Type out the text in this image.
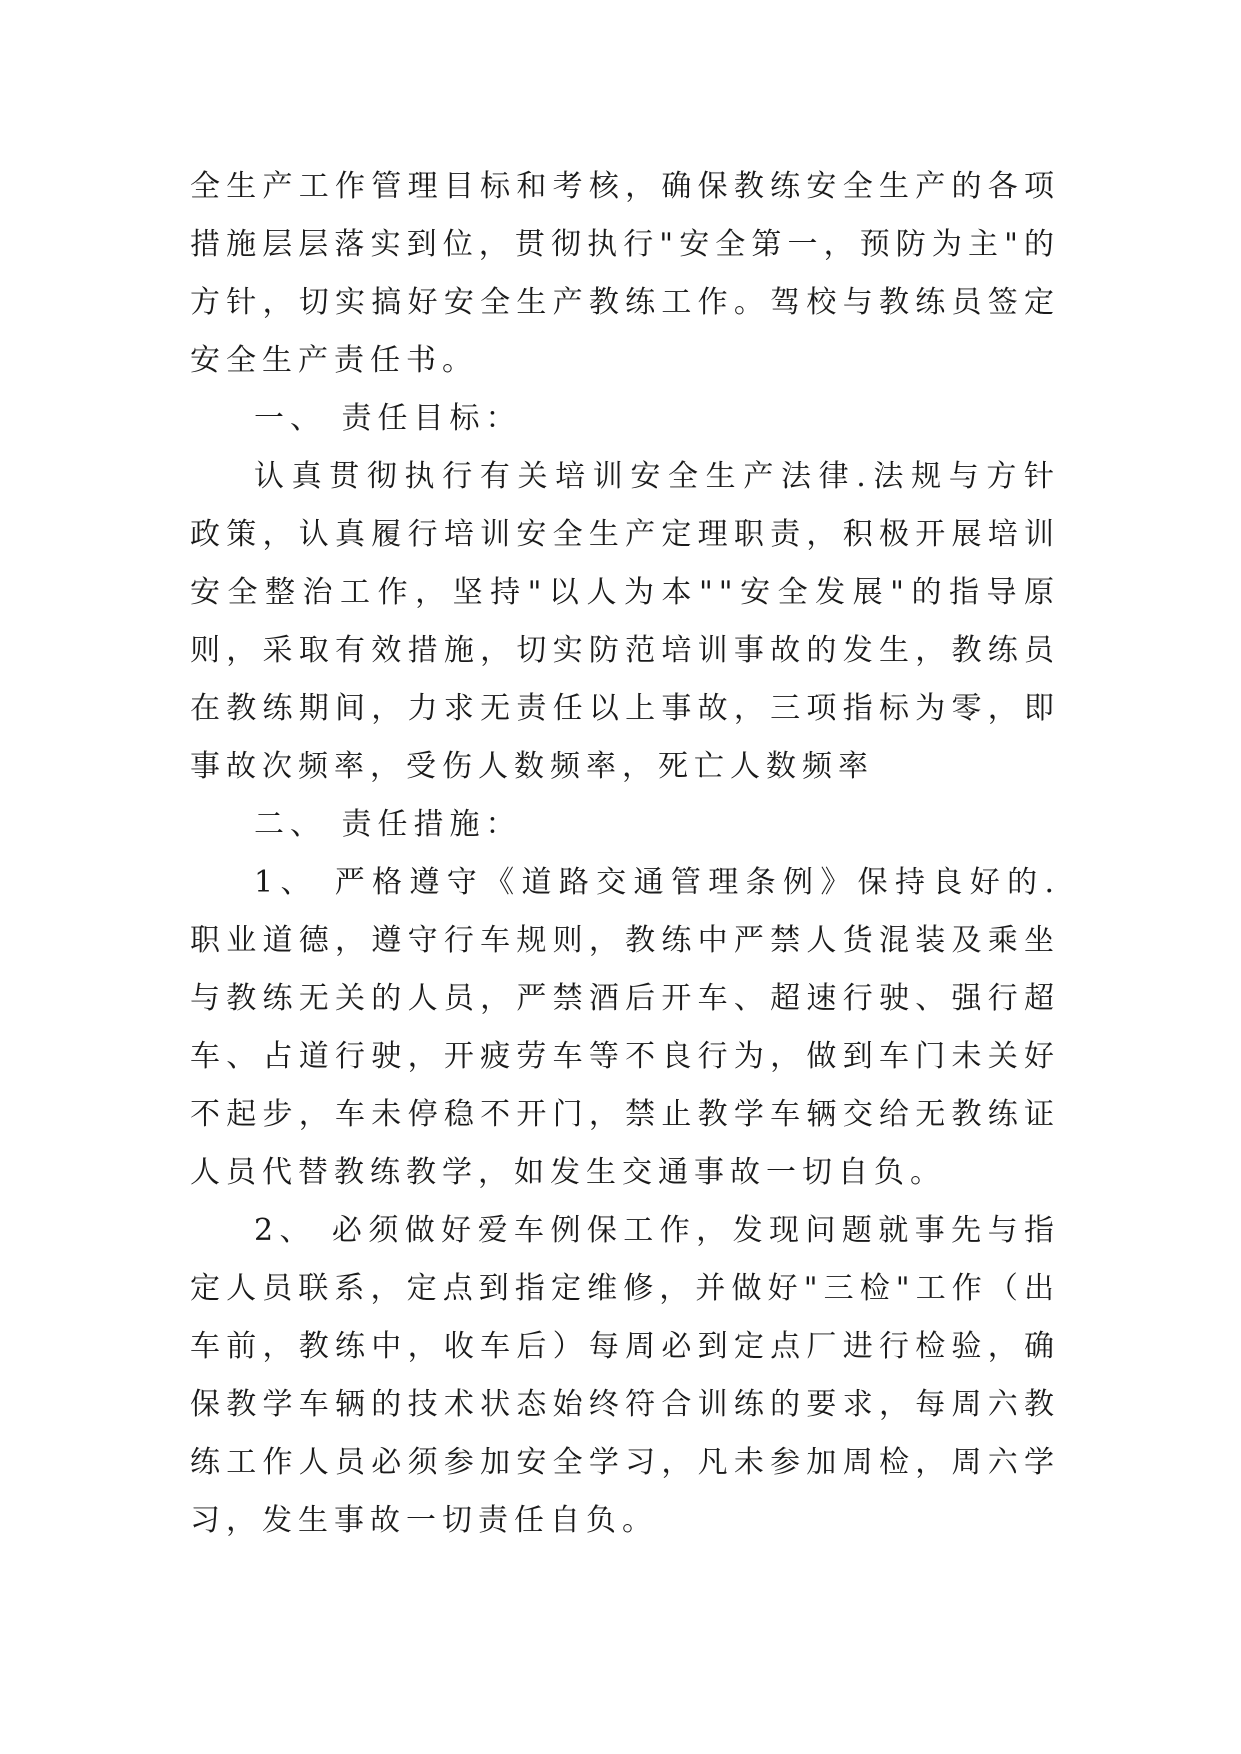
全生产工作管理目标和考核，确保教练安全生产的各项措施层层落实到位，贯彻执行"安全第一，预防为主"的方针，切实搞好安全生产教练工作。驾校与教练员签定安全生产责任书。

一、 责任目标：

认真贯彻执行有关培训安全生产法律.法规与方针政策，认真履行培训安全生产定理职责，积极开展培训安全整治工作，坚持"以人为本""安全发展"的指导原则，采取有效措施，切实防范培训事故的发生，教练员在教练期间，力求无责任以上事故，三项指标为零，即事故次频率，受伤人数频率，死亡人数频率

二、 责任措施：

1、 严格遵守《道路交通管理条例》保持良好的.职业道德，遵守行车规则，教练中严禁人货混装及乘坐与教练无关的人员，严禁酒后开车、超速行驶、强行超车、占道行驶，开疲劳车等不良行为，做到车门未关好不起步，车未停稳不开门，禁止教学车辆交给无教练证人员代替教练教学，如发生交通事故一切自负。

2、 必须做好爱车例保工作，发现问题就事先与指定人员联系，定点到指定维修，并做好"三检"工作（出车前，教练中，收车后）每周必到定点厂进行检验，确保教学车辆的技术状态始终符合训练的要求，每周六教练工作人员必须参加安全学习，凡未参加周检，周六学习，发生事故一切责任自负。
